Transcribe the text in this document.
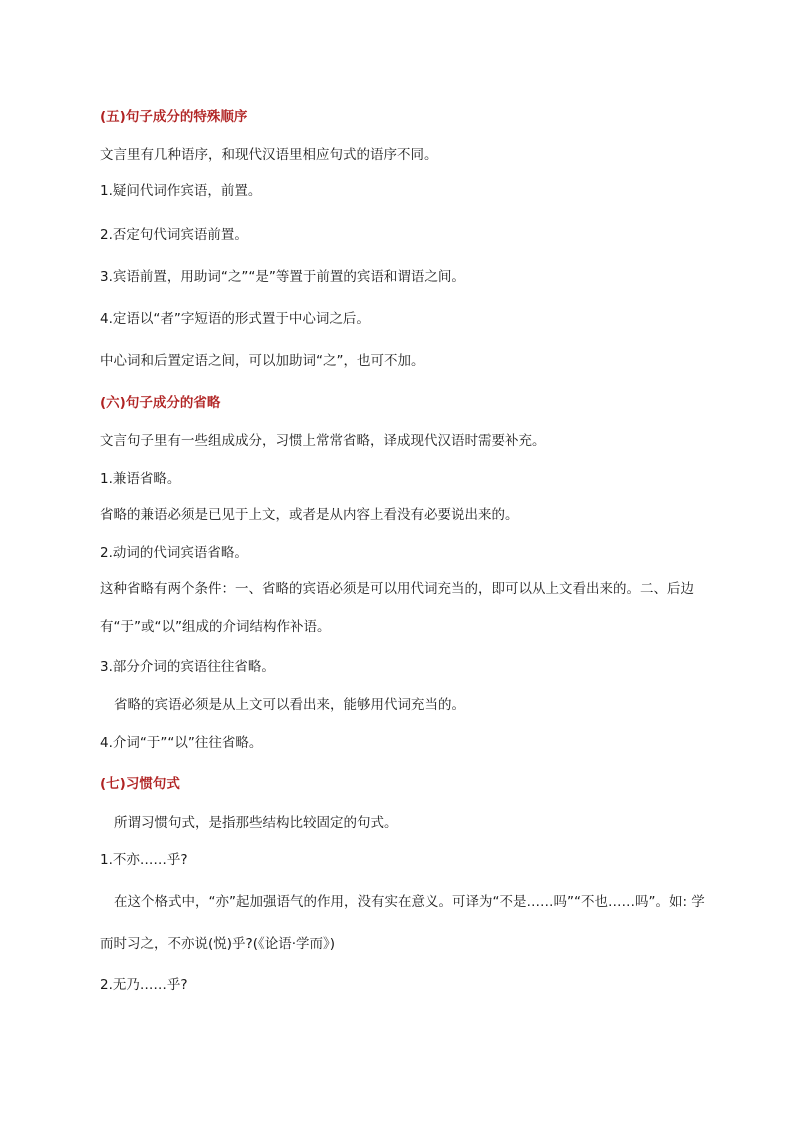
(五)句子成分的特殊顺序
文言里有几种语序，和现代汉语里相应句式的语序不同。
1.疑问代词作宾语，前置。
2.否定句代词宾语前置。
3.宾语前置，用助词“之”“是”等置于前置的宾语和谓语之间。
4.定语以“者”字短语的形式置于中心词之后。
中心词和后置定语之间，可以加助词“之”，也可不加。
(六)句子成分的省略
文言句子里有一些组成成分，习惯上常常省略，译成现代汉语时需要补充。
1.兼语省略。
省略的兼语必须是已见于上文，或者是从内容上看没有必要说出来的。
2.动词的代词宾语省略。
这种省略有两个条件：一、省略的宾语必须是可以用代词充当的，即可以从上文看出来的。二、后边
有“于”或“以”组成的介词结构作补语。
3.部分介词的宾语往往省略。
省略的宾语必须是从上文可以看出来，能够用代词充当的。
4.介词“于”“以”往往省略。
(七)习惯句式
所谓习惯句式，是指那些结构比较固定的句式。
1.不亦……乎?
在这个格式中，“亦”起加强语气的作用，没有实在意义。可译为“不是……吗”“不也……吗”。如: 学
而时习之，不亦说(悦)乎?(《论语·学而》)
2.无乃……乎?
